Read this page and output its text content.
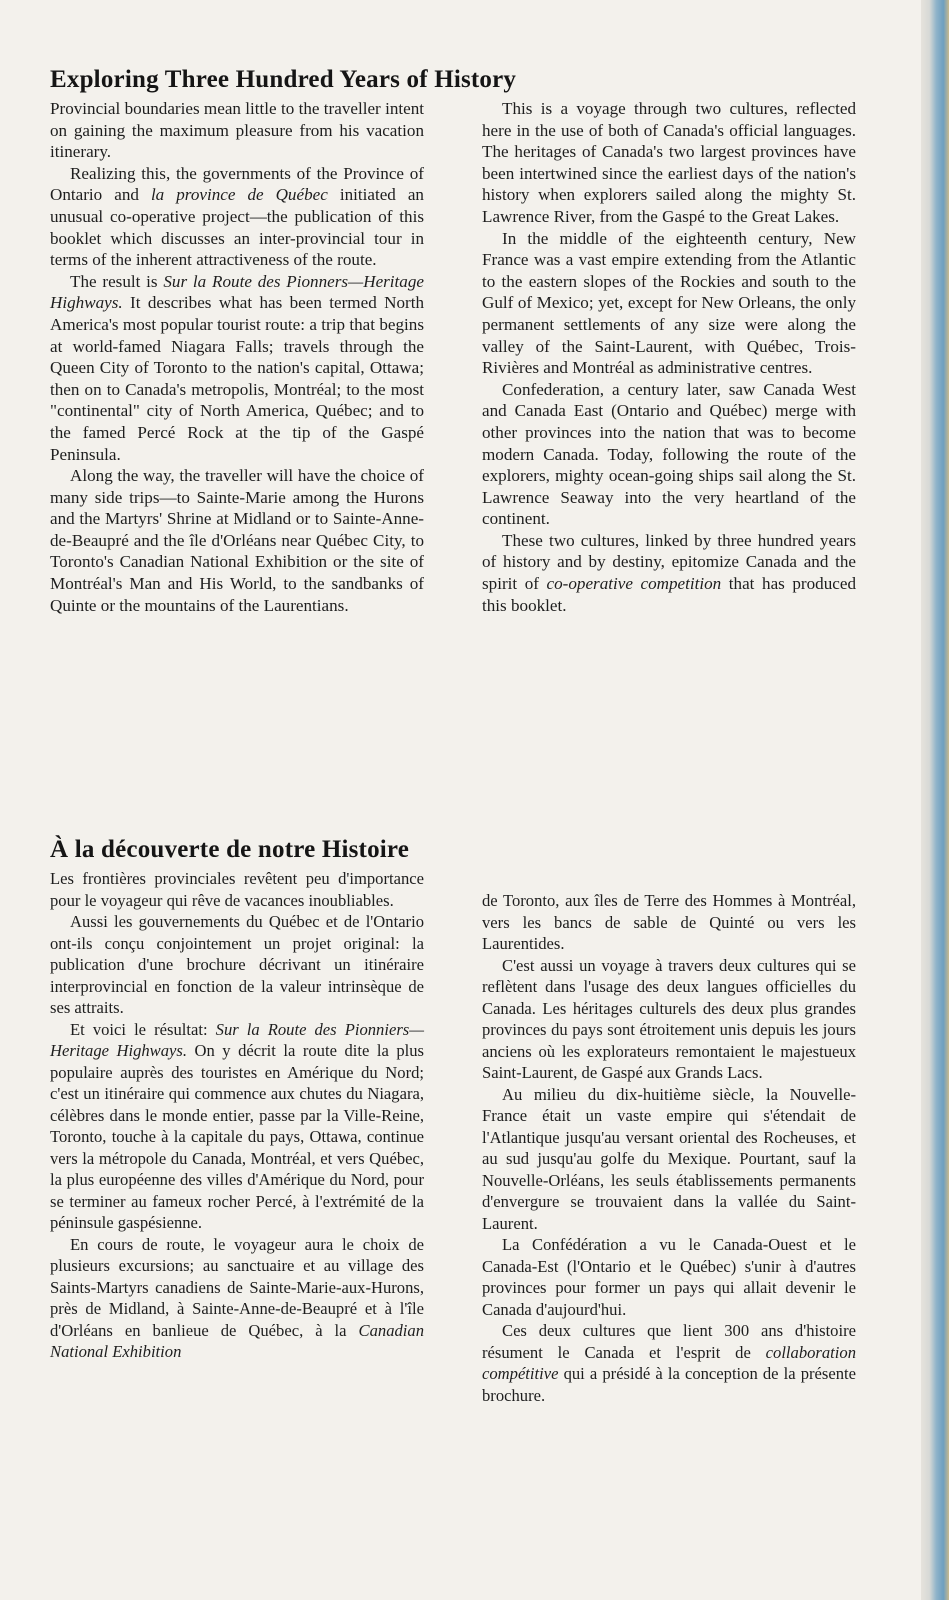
Exploring Three Hundred Years of History

Provincial boundaries mean little to the traveller intent on gaining the maximum pleasure from his vacation itinerary.

Realizing this, the governments of the Province of Ontario and la province de Québec initiated an unusual co-operative project—the publication of this booklet which discusses an inter-provincial tour in terms of the inherent attractiveness of the route.

The result is Sur la Route des Pionners—Heritage Highways. It describes what has been termed North America's most popular tourist route: a trip that begins at world-famed Niagara Falls; travels through the Queen City of Toronto to the nation's capital, Ottawa; then on to Canada's metropolis, Montréal; to the most "continental" city of North America, Québec; and to the famed Percé Rock at the tip of the Gaspé Peninsula.

Along the way, the traveller will have the choice of many side trips—to Sainte-Marie among the Hurons and the Martyrs' Shrine at Midland or to Sainte-Anne-de-Beaupré and the île d'Orléans near Québec City, to Toronto's Canadian National Exhibition or the site of Montréal's Man and His World, to the sandbanks of Quinte or the mountains of the Laurentians.

This is a voyage through two cultures, reflected here in the use of both of Canada's official languages. The heritages of Canada's two largest provinces have been intertwined since the earliest days of the nation's history when explorers sailed along the mighty St. Lawrence River, from the Gaspé to the Great Lakes.

In the middle of the eighteenth century, New France was a vast empire extending from the Atlantic to the eastern slopes of the Rockies and south to the Gulf of Mexico; yet, except for New Orleans, the only permanent settlements of any size were along the valley of the Saint-Laurent, with Québec, Trois-Rivières and Montréal as administrative centres.

Confederation, a century later, saw Canada West and Canada East (Ontario and Québec) merge with other provinces into the nation that was to become modern Canada. Today, following the route of the explorers, mighty ocean-going ships sail along the St. Lawrence Seaway into the very heartland of the continent.

These two cultures, linked by three hundred years of history and by destiny, epitomize Canada and the spirit of co-operative competition that has produced this booklet.

À la découverte de notre Histoire

Les frontières provinciales revêtent peu d'importance pour le voyageur qui rêve de vacances inoubliables.

Aussi les gouvernements du Québec et de l'Ontario ont-ils conçu conjointement un projet original: la publication d'une brochure décrivant un itinéraire interprovincial en fonction de la valeur intrinsèque de ses attraits.

Et voici le résultat: Sur la Route des Pionniers—Heritage Highways. On y décrit la route dite la plus populaire auprès des touristes en Amérique du Nord; c'est un itinéraire qui commence aux chutes du Niagara, célèbres dans le monde entier, passe par la Ville-Reine, Toronto, touche à la capitale du pays, Ottawa, continue vers la métropole du Canada, Montréal, et vers Québec, la plus européenne des villes d'Amérique du Nord, pour se terminer au fameux rocher Percé, à l'extrémité de la péninsule gaspésienne.

En cours de route, le voyageur aura le choix de plusieurs excursions; au sanctuaire et au village des Saints-Martyrs canadiens de Sainte-Marie-aux-Hurons, près de Midland, à Sainte-Anne-de-Beaupré et à l'île d'Orléans en banlieue de Québec, à la Canadian National Exhibition

de Toronto, aux îles de Terre des Hommes à Montréal, vers les bancs de sable de Quinté ou vers les Laurentides.

C'est aussi un voyage à travers deux cultures qui se reflètent dans l'usage des deux langues officielles du Canada. Les héritages culturels des deux plus grandes provinces du pays sont étroitement unis depuis les jours anciens où les explorateurs remontaient le majestueux Saint-Laurent, de Gaspé aux Grands Lacs.

Au milieu du dix-huitième siècle, la Nouvelle-France était un vaste empire qui s'étendait de l'Atlantique jusqu'au versant oriental des Rocheuses, et au sud jusqu'au golfe du Mexique. Pourtant, sauf la Nouvelle-Orléans, les seuls établissements permanents d'envergure se trouvaient dans la vallée du Saint-Laurent.

La Confédération a vu le Canada-Ouest et le Canada-Est (l'Ontario et le Québec) s'unir à d'autres provinces pour former un pays qui allait devenir le Canada d'aujourd'hui.

Ces deux cultures que lient 300 ans d'histoire résument le Canada et l'esprit de collaboration compétitive qui a présidé à la conception de la présente brochure.
